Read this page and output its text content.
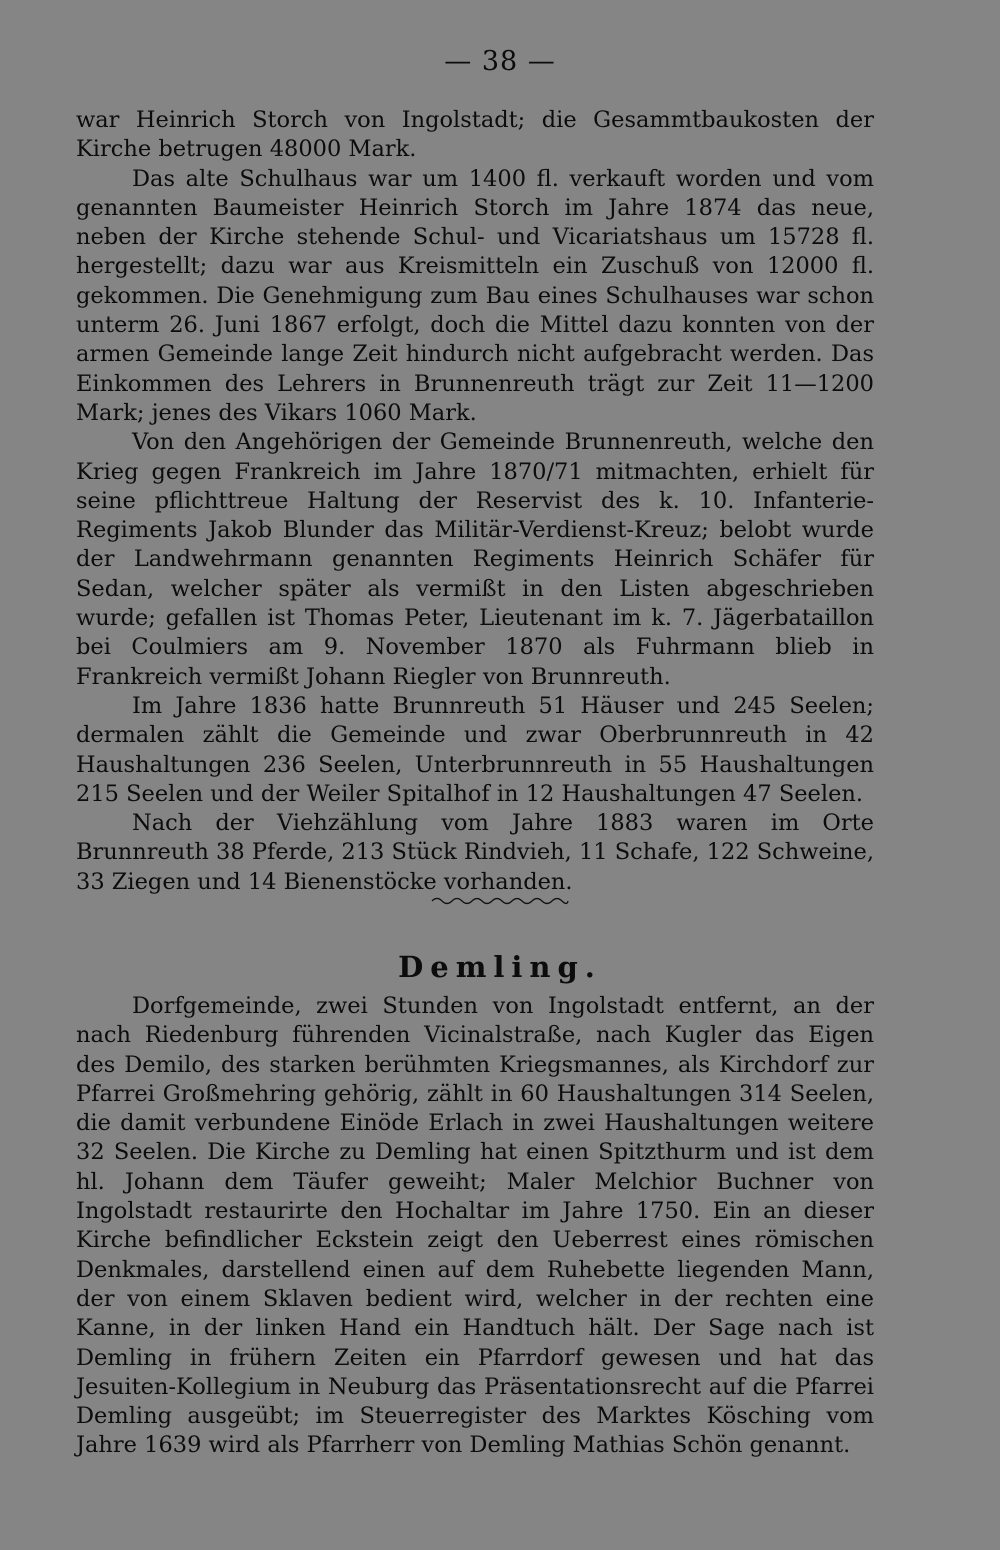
— 38 —

war Heinrich Storch von Ingolstadt; die Gesammtbaukosten der Kirche betrugen 48000 Mark.

Das alte Schulhaus war um 1400 fl. verkauft worden und vom genannten Baumeister Heinrich Storch im Jahre 1874 das neue, neben der Kirche stehende Schul- und Vicariatshaus um 15728 fl. hergestellt; dazu war aus Kreismitteln ein Zuschuß von 12000 fl. gekommen. Die Genehmigung zum Bau eines Schulhauses war schon unterm 26. Juni 1867 erfolgt, doch die Mittel dazu konnten von der armen Gemeinde lange Zeit hindurch nicht aufgebracht werden. Das Einkommen des Lehrers in Brunnenreuth trägt zur Zeit 11—1200 Mark; jenes des Vikars 1060 Mark.

Von den Angehörigen der Gemeinde Brunnenreuth, welche den Krieg gegen Frankreich im Jahre 1870/71 mitmachten, erhielt für seine pflichttreue Haltung der Reservist des k. 10. Infanterie-Regiments Jakob Blunder das Militär-Verdienst-Kreuz; belobt wurde der Landwehrmann genannten Regiments Heinrich Schäfer für Sedan, welcher später als vermißt in den Listen abgeschrieben wurde; gefallen ist Thomas Peter, Lieutenant im k. 7. Jägerbataillon bei Coulmiers am 9. November 1870 als Fuhrmann blieb in Frankreich vermißt Johann Riegler von Brunnreuth.

Im Jahre 1836 hatte Brunnreuth 51 Häuser und 245 Seelen; dermalen zählt die Gemeinde und zwar Oberbrunnreuth in 42 Haushaltungen 236 Seelen, Unterbrunnreuth in 55 Haushaltungen 215 Seelen und der Weiler Spitalhof in 12 Haushaltungen 47 Seelen.

Nach der Viehzählung vom Jahre 1883 waren im Orte Brunnreuth 38 Pferde, 213 Stück Rindvieh, 11 Schafe, 122 Schweine, 33 Ziegen und 14 Bienenstöcke vorhanden.

Demling.

Dorfgemeinde, zwei Stunden von Ingolstadt entfernt, an der nach Riedenburg führenden Vicinalstraße, nach Kugler das Eigen des Demilo, des starken berühmten Kriegsmannes, als Kirchdorf zur Pfarrei Großmehring gehörig, zählt in 60 Haushaltungen 314 Seelen, die damit verbundene Einöde Erlach in zwei Haushaltungen weitere 32 Seelen. Die Kirche zu Demling hat einen Spitzthurm und ist dem hl. Johann dem Täufer geweiht; Maler Melchior Buchner von Ingolstadt restaurirte den Hochaltar im Jahre 1750. Ein an dieser Kirche befindlicher Eckstein zeigt den Ueberrest eines römischen Denkmales, darstellend einen auf dem Ruhebette liegenden Mann, der von einem Sklaven bedient wird, welcher in der rechten eine Kanne, in der linken Hand ein Handtuch hält. Der Sage nach ist Demling in frühern Zeiten ein Pfarrdorf gewesen und hat das Jesuiten-Kollegium in Neuburg das Präsentationsrecht auf die Pfarrei Demling ausgeübt; im Steuerregister des Marktes Kösching vom Jahre 1639 wird als Pfarrherr von Demling Mathias Schön genannt.
